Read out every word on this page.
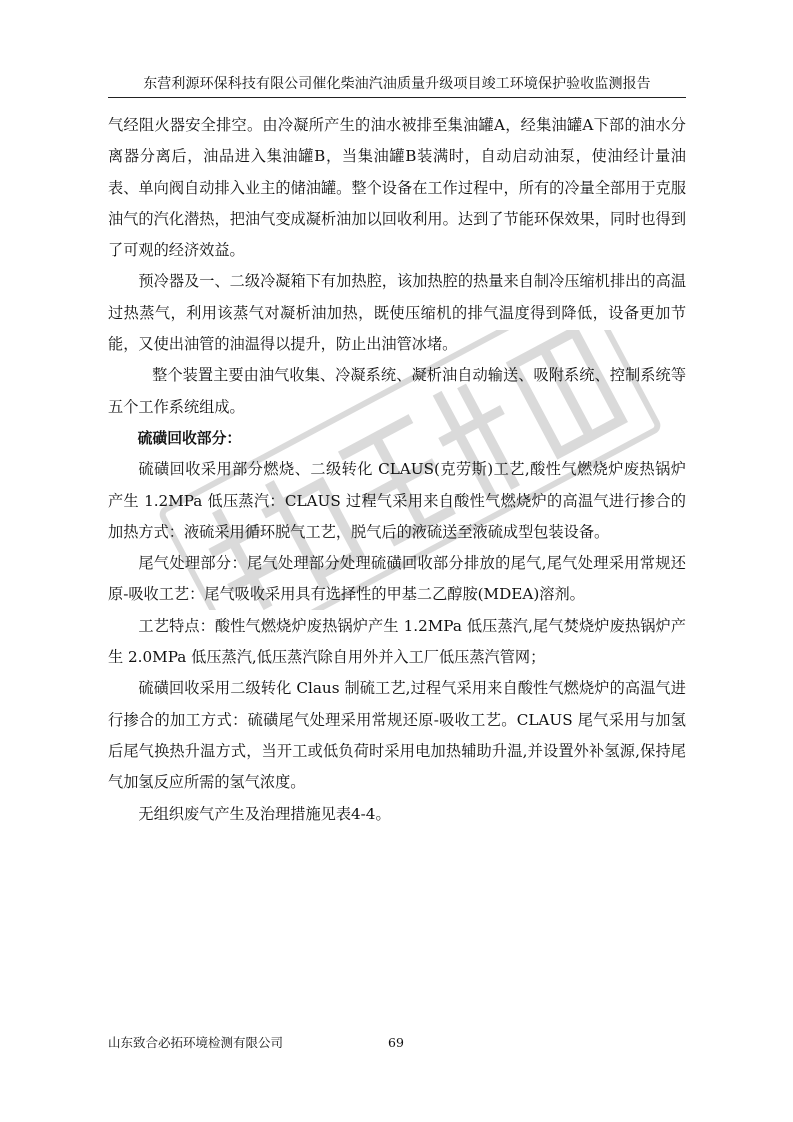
东营利源环保科技有限公司催化柴油汽油质量升级项目竣工环境保护验收监测报告

气经阻火器安全排空。由冷凝所产生的油水被排至集油罐A，经集油罐A下部的油水分离器分离后，油品进入集油罐B，当集油罐B装满时，自动启动油泵，使油经计量油表、单向阀自动排入业主的储油罐。整个设备在工作过程中，所有的冷量全部用于克服油气的汽化潜热，把油气变成凝析油加以回收利用。达到了节能环保效果，同时也得到了可观的经济效益。

预冷器及一、二级冷凝箱下有加热腔，该加热腔的热量来自制冷压缩机排出的高温过热蒸气，利用该蒸气对凝析油加热，既使压缩机的排气温度得到降低，设备更加节能，又使出油管的油温得以提升，防止出油管冰堵。

整个装置主要由油气收集、冷凝系统、凝析油自动输送、吸附系统、控制系统等五个工作系统组成。

硫磺回收部分：

硫磺回收采用部分燃烧、二级转化 CLAUS(克劳斯)工艺,酸性气燃烧炉废热锅炉产生 1.2MPa 低压蒸汽：CLAUS 过程气采用来自酸性气燃烧炉的高温气进行掺合的加热方式：液硫采用循环脱气工艺，脱气后的液硫送至液硫成型包装设备。

尾气处理部分：尾气处理部分处理硫磺回收部分排放的尾气,尾气处理采用常规还原-吸收工艺：尾气吸收采用具有选择性的甲基二乙醇胺(MDEA)溶剂。

工艺特点：酸性气燃烧炉废热锅炉产生 1.2MPa 低压蒸汽,尾气焚烧炉废热锅炉产生 2.0MPa 低压蒸汽,低压蒸汽除自用外并入工厂低压蒸汽管网；

硫磺回收采用二级转化 Claus 制硫工艺,过程气采用来自酸性气燃烧炉的高温气进行掺合的加工方式：硫磺尾气处理采用常规还原-吸收工艺。CLAUS 尾气采用与加氢后尾气换热升温方式，当开工或低负荷时采用电加热辅助升温,并设置外补氢源,保持尾气加氢反应所需的氢气浓度。

无组织废气产生及治理措施见表4-4。

山东致合必拓环境检测有限公司	69
